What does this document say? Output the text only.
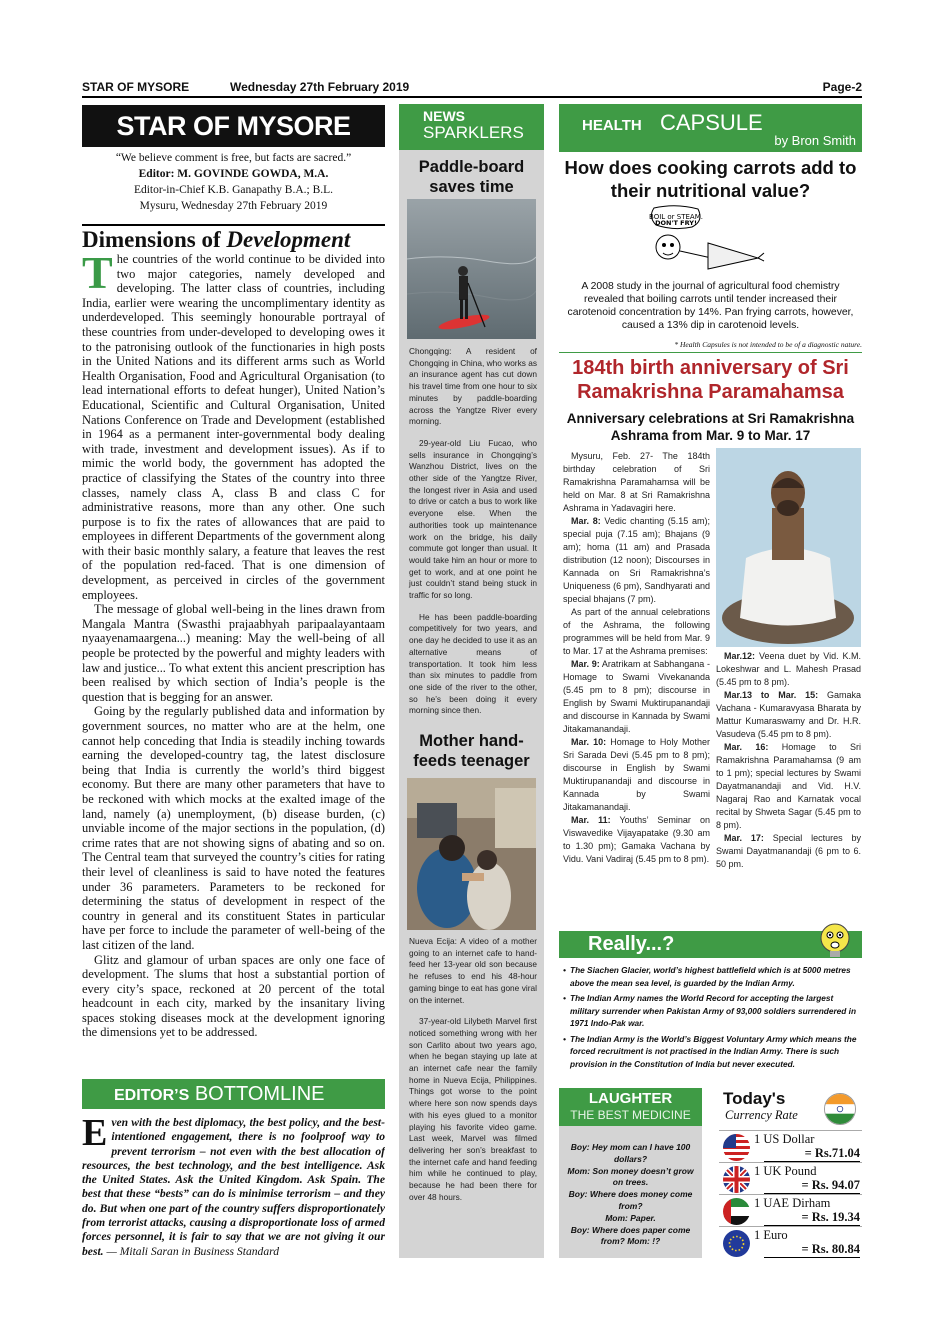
STAR OF MYSORE	Wednesday 27th February 2019	Page-2
STAR OF MYSORE
“We believe comment is free, but facts are sacred.”
Editor: M. GOVINDE GOWDA, M.A.
Editor-in-Chief K.B. Ganapathy B.A.; B.L.
Mysuru, Wednesday 27th February 2019
Dimensions of Development

The countries of the world continue to be divided into two major categories, namely developed and developing. The latter class of countries, including India, earlier were wearing the uncomplimentary identity as underdeveloped. This seemingly honourable portrayal of these countries from under-developed to developing owes it to the patronising outlook of the functionaries in high posts in the United Nations and its different arms such as World Health Organisation, Food and Agricultural Organisation (to lead international efforts to defeat hunger), United Nation’s Educational, Scientific and Cultural Organisation, United Nations Conference on Trade and Development (established in 1964 as a permanent inter-governmental body dealing with trade, investment and development issues). As if to mimic the world body, the government has adopted the practice of classifying the States of the country into three classes, namely class A, class B and class C for administrative reasons, more than any other. One such purpose is to fix the rates of allowances that are paid to employees in different Departments of the government along with their basic monthly salary, a feature that leaves the rest of the population red-faced. That is one dimension of development, as perceived in circles of the government employees.

The message of global well-being in the lines drawn from Mangala Mantra (Swasthi prajaabhyah paripaalayantaam nyaayenamaargena...) meaning: May the well-being of all people be protected by the powerful and mighty leaders with law and justice... To what extent this ancient prescription has been realised by which section of India’s people is the question that is begging for an answer.

Going by the regularly published data and information by government sources, no matter who are at the helm, one cannot help conceding that India is steadily inching towards earning the developed-country tag, the latest disclosure being that India is currently the world’s third biggest economy. But there are many other parameters that have to be reckoned with which mocks at the exalted image of the land, namely (a) unemployment, (b) disease burden, (c) unviable income of the major sections in the population, (d) crime rates that are not showing signs of abating and so on. The Central team that surveyed the country’s cities for rating their level of cleanliness is said to have noted the features under 36 parameters. Parameters to be reckoned for determining the status of development in respect of the country in general and its constituent States in particular have per force to include the parameter of well-being of the last citizen of the land.

Glitz and glamour of urban spaces are only one face of development. The slums that host a substantial portion of every city’s space, reckoned at 20 percent of the total headcount in each city, marked by the insanitary living spaces stoking diseases mock at the development ignoring the dimensions yet to be addressed.

EDITOR’S BOTTOMLINE
Even with the best diplomacy, the best policy, and the best-intentioned engagement, there is no foolproof way to prevent terrorism – not even with the best allocation of resources, the best technology, and the best intelligence. Ask the United States. Ask the United Kingdom. Ask Spain. The best that these “bests” can do is minimise terrorism – and they do. But when one part of the country suffers disproportionately from terrorist attacks, causing a disproportionate loss of armed forces personnel, it is fair to say that we are not giving it our best. — Mitali Saran in Business Standard
NEWS
SPARKLERS
Paddle-board saves time

Chongqing: A resident of Chongqing in China, who works as an insurance agent has cut down his travel time from one hour to six minutes by paddle-boarding across the Yangtze River every morning.

29-year-old Liu Fucao, who sells insurance in Chongqing’s Wanzhou District, lives on the other side of the Yangtze River, the longest river in Asia and used to drive or catch a bus to work like everyone else. When the authorities took up maintenance work on the bridge, his daily commute got longer than usual. It would take him an hour or more to get to work, and at one point he just couldn’t stand being stuck in traffic for so long.

He has been paddle-boarding competitively for two years, and one day he decided to use it as an alternative means of transportation. It took him less than six minutes to paddle from one side of the river to the other, so he’s been doing it every morning since then.

Mother hand-feeds teenager

Nueva Ecija: A video of a mother going to an internet cafe to hand-feed her 13-year old son because he refuses to end his 48-hour gaming binge to eat has gone viral on the internet.

37-year-old Lilybeth Marvel first noticed something wrong with her son Carlito about two years ago, when he began staying up late at an internet cafe near the family home in Nueva Ecija, Philippines. Things got worse to the point where here son now spends days with his eyes glued to a monitor playing his favorite video game. Last week, Marvel was filmed delivering her son’s breakfast to the internet cafe and hand feeding him while he continued to play, because he had been there for over 48 hours.

HEALTH CAPSULE
by Bron Smith
How does cooking carrots add to their nutritional value?
BOIL or STEAM.
DON'T FRY!
A 2008 study in the journal of agricultural food chemistry revealed that boiling carrots until tender increased their carotenoid concentration by 14%. Pan frying carrots, however, caused a 13% dip in carotenoid levels.
* Health Capsules is not intended to be of a diagnostic nature.
184th birth anniversary of Sri Ramakrishna Paramahamsa
Anniversary celebrations at Sri Ramakrishna Ashrama from Mar. 9 to Mar. 17

Mysuru, Feb. 27- The 184th birthday celebration of Sri Ramakrishna Paramahamsa will be held on Mar. 8 at Sri Ramakrishna Ashrama in Yadavagiri here.

Mar. 8: Vedic chanting (5.15 am); special puja (7.15 am); Bhajans (9 am); homa (11 am) and Prasada distribution (12 noon); Discourses in Kannada on Sri Ramakrishna’s Uniqueness (6 pm), Sandhyarati and special bhajans (7 pm).

As part of the annual celebrations of the Ashrama, the following programmes will be held from Mar. 9 to Mar. 17 at the Ashrama premises:

Mar. 9: Aratrikam at Sabhangana - Homage to Swami Vivekananda (5.45 pm to 8 pm); discourse in English by Swami Muktirupanandaji and discourse in Kannada by Swami Jitakamanandaji.

Mar. 10: Homage to Holy Mother Sri Sarada Devi (5.45 pm to 8 pm); discourse in English by Swami Muktirupanandaji and discourse in Kannada by Swami Jitakamanandaji.

Mar. 11: Youths’ Seminar on Viswavedike Vijayapatake (9.30 am to 1.30 pm); Gamaka Vachana by Vidu. Vani Vadiraj (5.45 pm to 8 pm).

Mar.12: Veena duet by Vid. K.M. Lokeshwar and L. Mahesh Prasad (5.45 pm to 8 pm).

Mar.13 to Mar. 15: Gamaka Vachana - Kumaravyasa Bharata by Mattur Kumaraswamy and Dr. H.R. Vasudeva (5.45 pm to 8 pm).

Mar. 16: Homage to Sri Ramakrishna Paramahamsa (9 am to 1 pm); special lectures by Swami Dayatmanandaji and Vid. H.V. Nagaraj Rao and Karnatak vocal recital by Shweta Sagar (5.45 pm to 8 pm).

Mar. 17: Special lectures by Swami Dayatmanandaji (6 pm to 6. 50 pm.

Really...?
• The Siachen Glacier, world’s highest battlefield which is at 5000 metres above the mean sea level, is guarded by the Indian Army.
• The Indian Army names the World Record for accepting the largest military surrender when Pakistan Army of 93,000 soldiers surrendered in 1971 Indo-Pak war.
• The Indian Army is the World’s Biggest Voluntary Army which means the forced recruitment is not practised in the Indian Army. There is such provision in the Constitution of India but never executed.
LAUGHTER
THE BEST MEDICINE
Boy: Hey mom can I have 100 dollars?
Mom: Son money doesn’t grow on trees.
Boy: Where does money come from?
Mom: Paper.
Boy: Where does paper come from? Mom: !?
Today's
Currency Rate
1 US Dollar
= Rs.71.04
1 UK Pound
= Rs. 94.07
1 UAE Dirham
= Rs. 19.34
1 Euro
= Rs. 80.84
